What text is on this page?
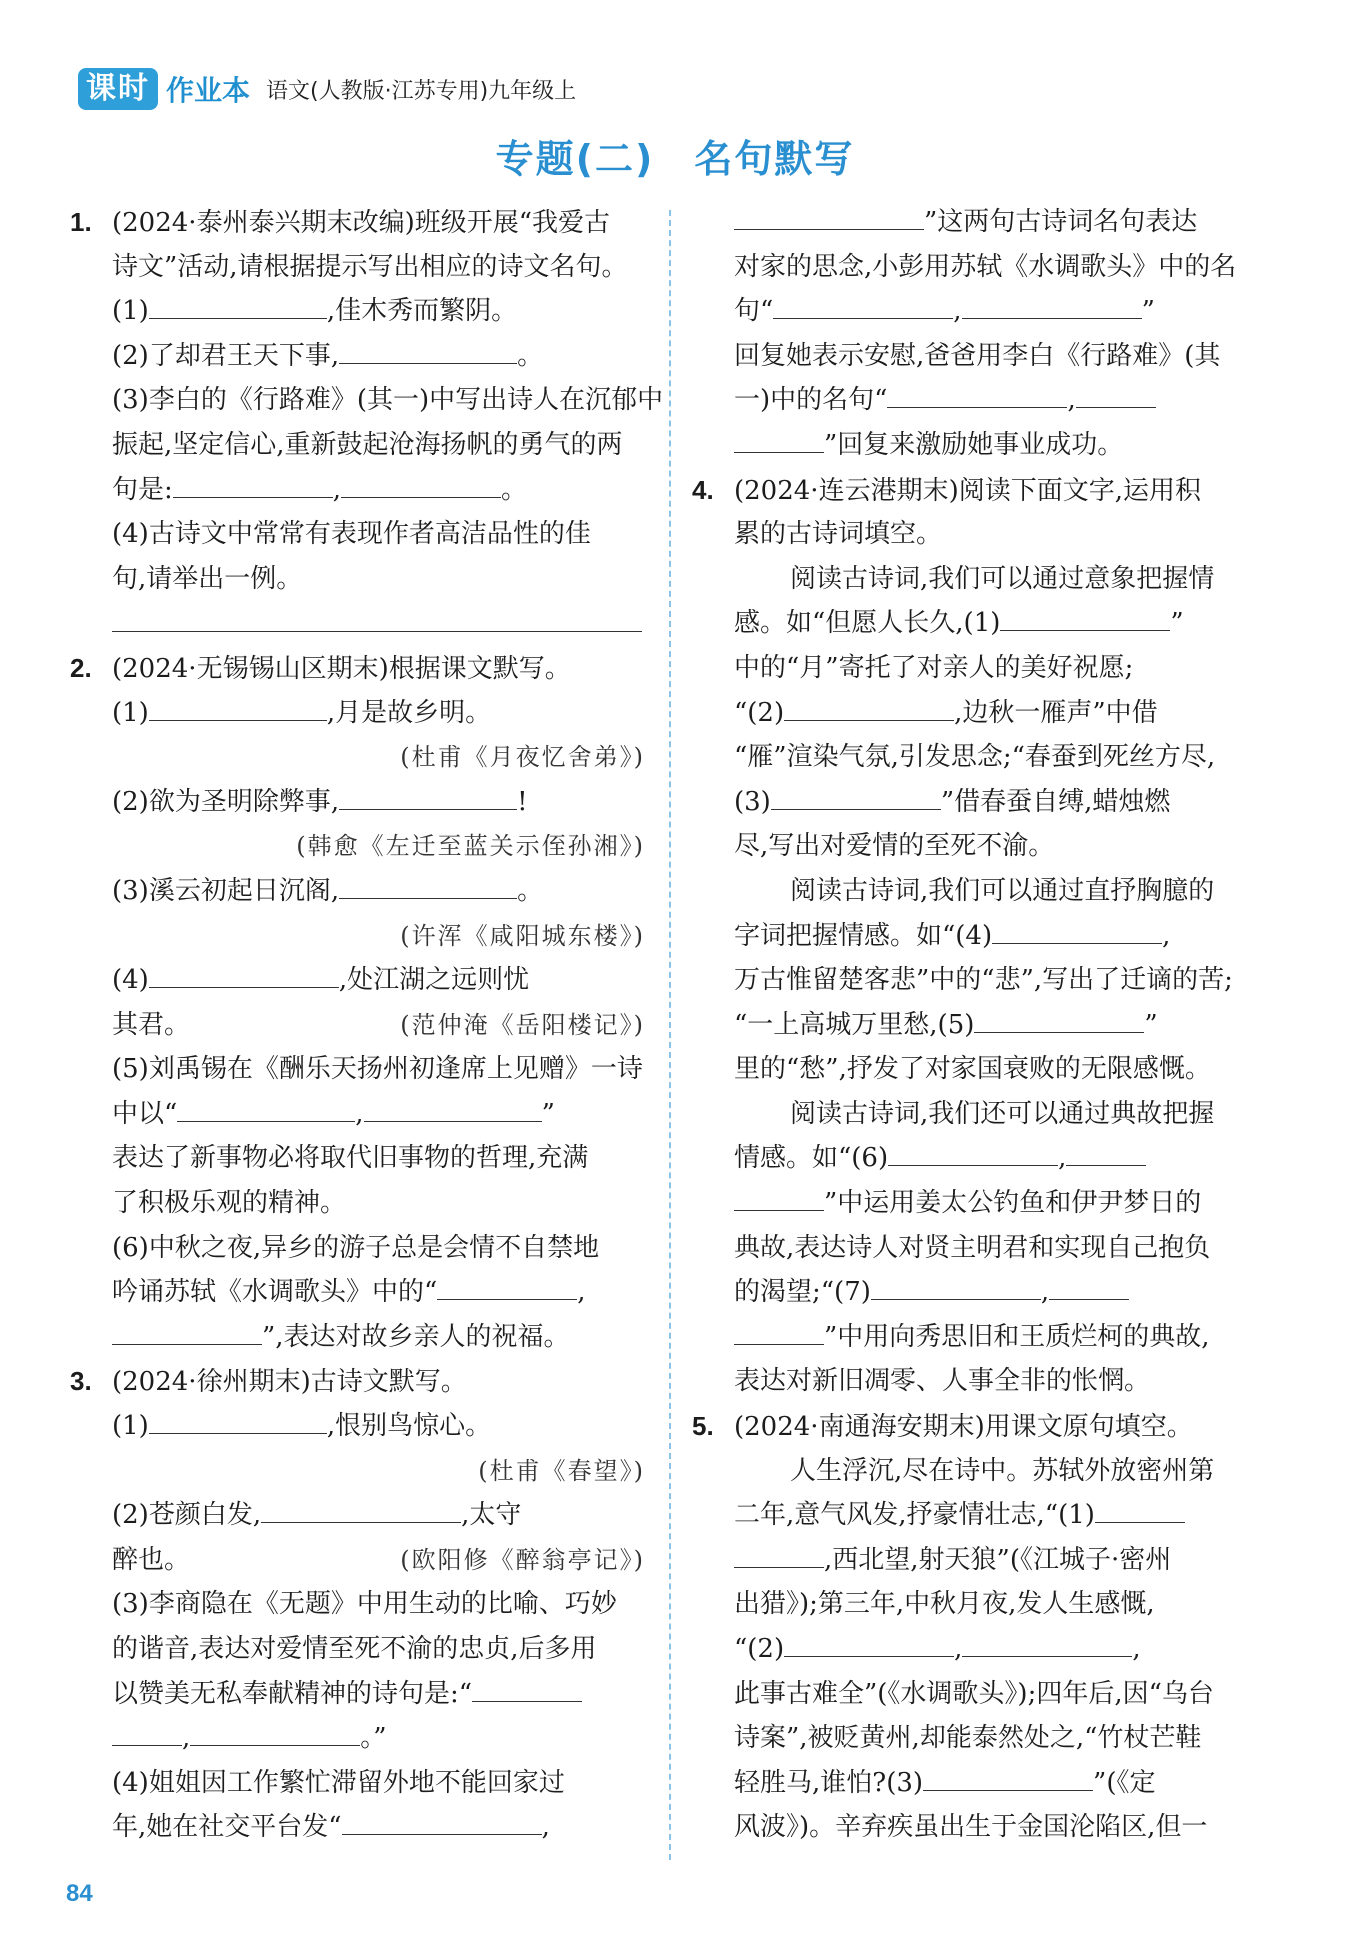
课时 作业本 语文(人教版·江苏专用)九年级上
专题(二)　名句默写
1. (2024·泰州泰兴期末改编)班级开展“我爱古
诗文”活动,请根据提示写出相应的诗文名句。
(1)	,佳木秀而繁阴。
(2)了却君王天下事,	。
(3)李白的《行路难》(其一)中写出诗人在沉郁中
振起,坚定信心,重新鼓起沧海扬帆的勇气的两
句是:	,	。
(4)古诗文中常常有表现作者高洁品性的佳
句,请举出一例。
2. (2024·无锡锡山区期末)根据课文默写。
(1)	,月是故乡明。
(杜甫《月夜忆舍弟》)
(2)欲为圣明除弊事,	!
(韩愈《左迁至蓝关示侄孙湘》)
(3)溪云初起日沉阁,	。
(许浑《咸阳城东楼》)
(4)	,处江湖之远则忧
其君。	(范仲淹《岳阳楼记》)
(5)刘禹锡在《酬乐天扬州初逢席上见赠》一诗
中以“	,	”
表达了新事物必将取代旧事物的哲理,充满
了积极乐观的精神。
(6)中秋之夜,异乡的游子总是会情不自禁地
吟诵苏轼《水调歌头》中的“	,
”,表达对故乡亲人的祝福。
3. (2024·徐州期末)古诗文默写。
(1)	,恨别鸟惊心。
(杜甫《春望》)
(2)苍颜白发,	,太守
醉也。	(欧阳修《醉翁亭记》)
(3)李商隐在《无题》中用生动的比喻、巧妙
的谐音,表达对爱情至死不渝的忠贞,后多用
以赞美无私奉献精神的诗句是:“
,	。”
(4)姐姐因工作繁忙滞留外地不能回家过
年,她在社交平台发“	,
”这两句古诗词名句表达
对家的思念,小彭用苏轼《水调歌头》中的名
句“	,	”
回复她表示安慰,爸爸用李白《行路难》(其
一)中的名句“	,
”回复来激励她事业成功。
4. (2024·连云港期末)阅读下面文字,运用积
累的古诗词填空。
阅读古诗词,我们可以通过意象把握情
感。如“但愿人长久,(1)	”
中的“月”寄托了对亲人的美好祝愿;
“(2)	,边秋一雁声”中借
“雁”渲染气氛,引发思念;“春蚕到死丝方尽,
(3)	”借春蚕自缚,蜡烛燃
尽,写出对爱情的至死不渝。
阅读古诗词,我们可以通过直抒胸臆的
字词把握情感。如“(4)	,
万古惟留楚客悲”中的“悲”,写出了迁谪的苦;
“一上高城万里愁,(5)	”
里的“愁”,抒发了对家国衰败的无限感慨。
阅读古诗词,我们还可以通过典故把握
情感。如“(6)	,
”中运用姜太公钓鱼和伊尹梦日的
典故,表达诗人对贤主明君和实现自己抱负
的渴望;“(7)	,
”中用向秀思旧和王质烂柯的典故,
表达对新旧凋零、人事全非的怅惘。
5. (2024·南通海安期末)用课文原句填空。
人生浮沉,尽在诗中。苏轼外放密州第
二年,意气风发,抒豪情壮志,“(1)
,西北望,射天狼”(《江城子·密州
出猎》);第三年,中秋月夜,发人生感慨,
“(2)	,	,
此事古难全”(《水调歌头》);四年后,因“乌台
诗案”,被贬黄州,却能泰然处之,“竹杖芒鞋
轻胜马,谁怕?(3)	”(《定
风波》)。辛弃疾虽出生于金国沦陷区,但一
84
